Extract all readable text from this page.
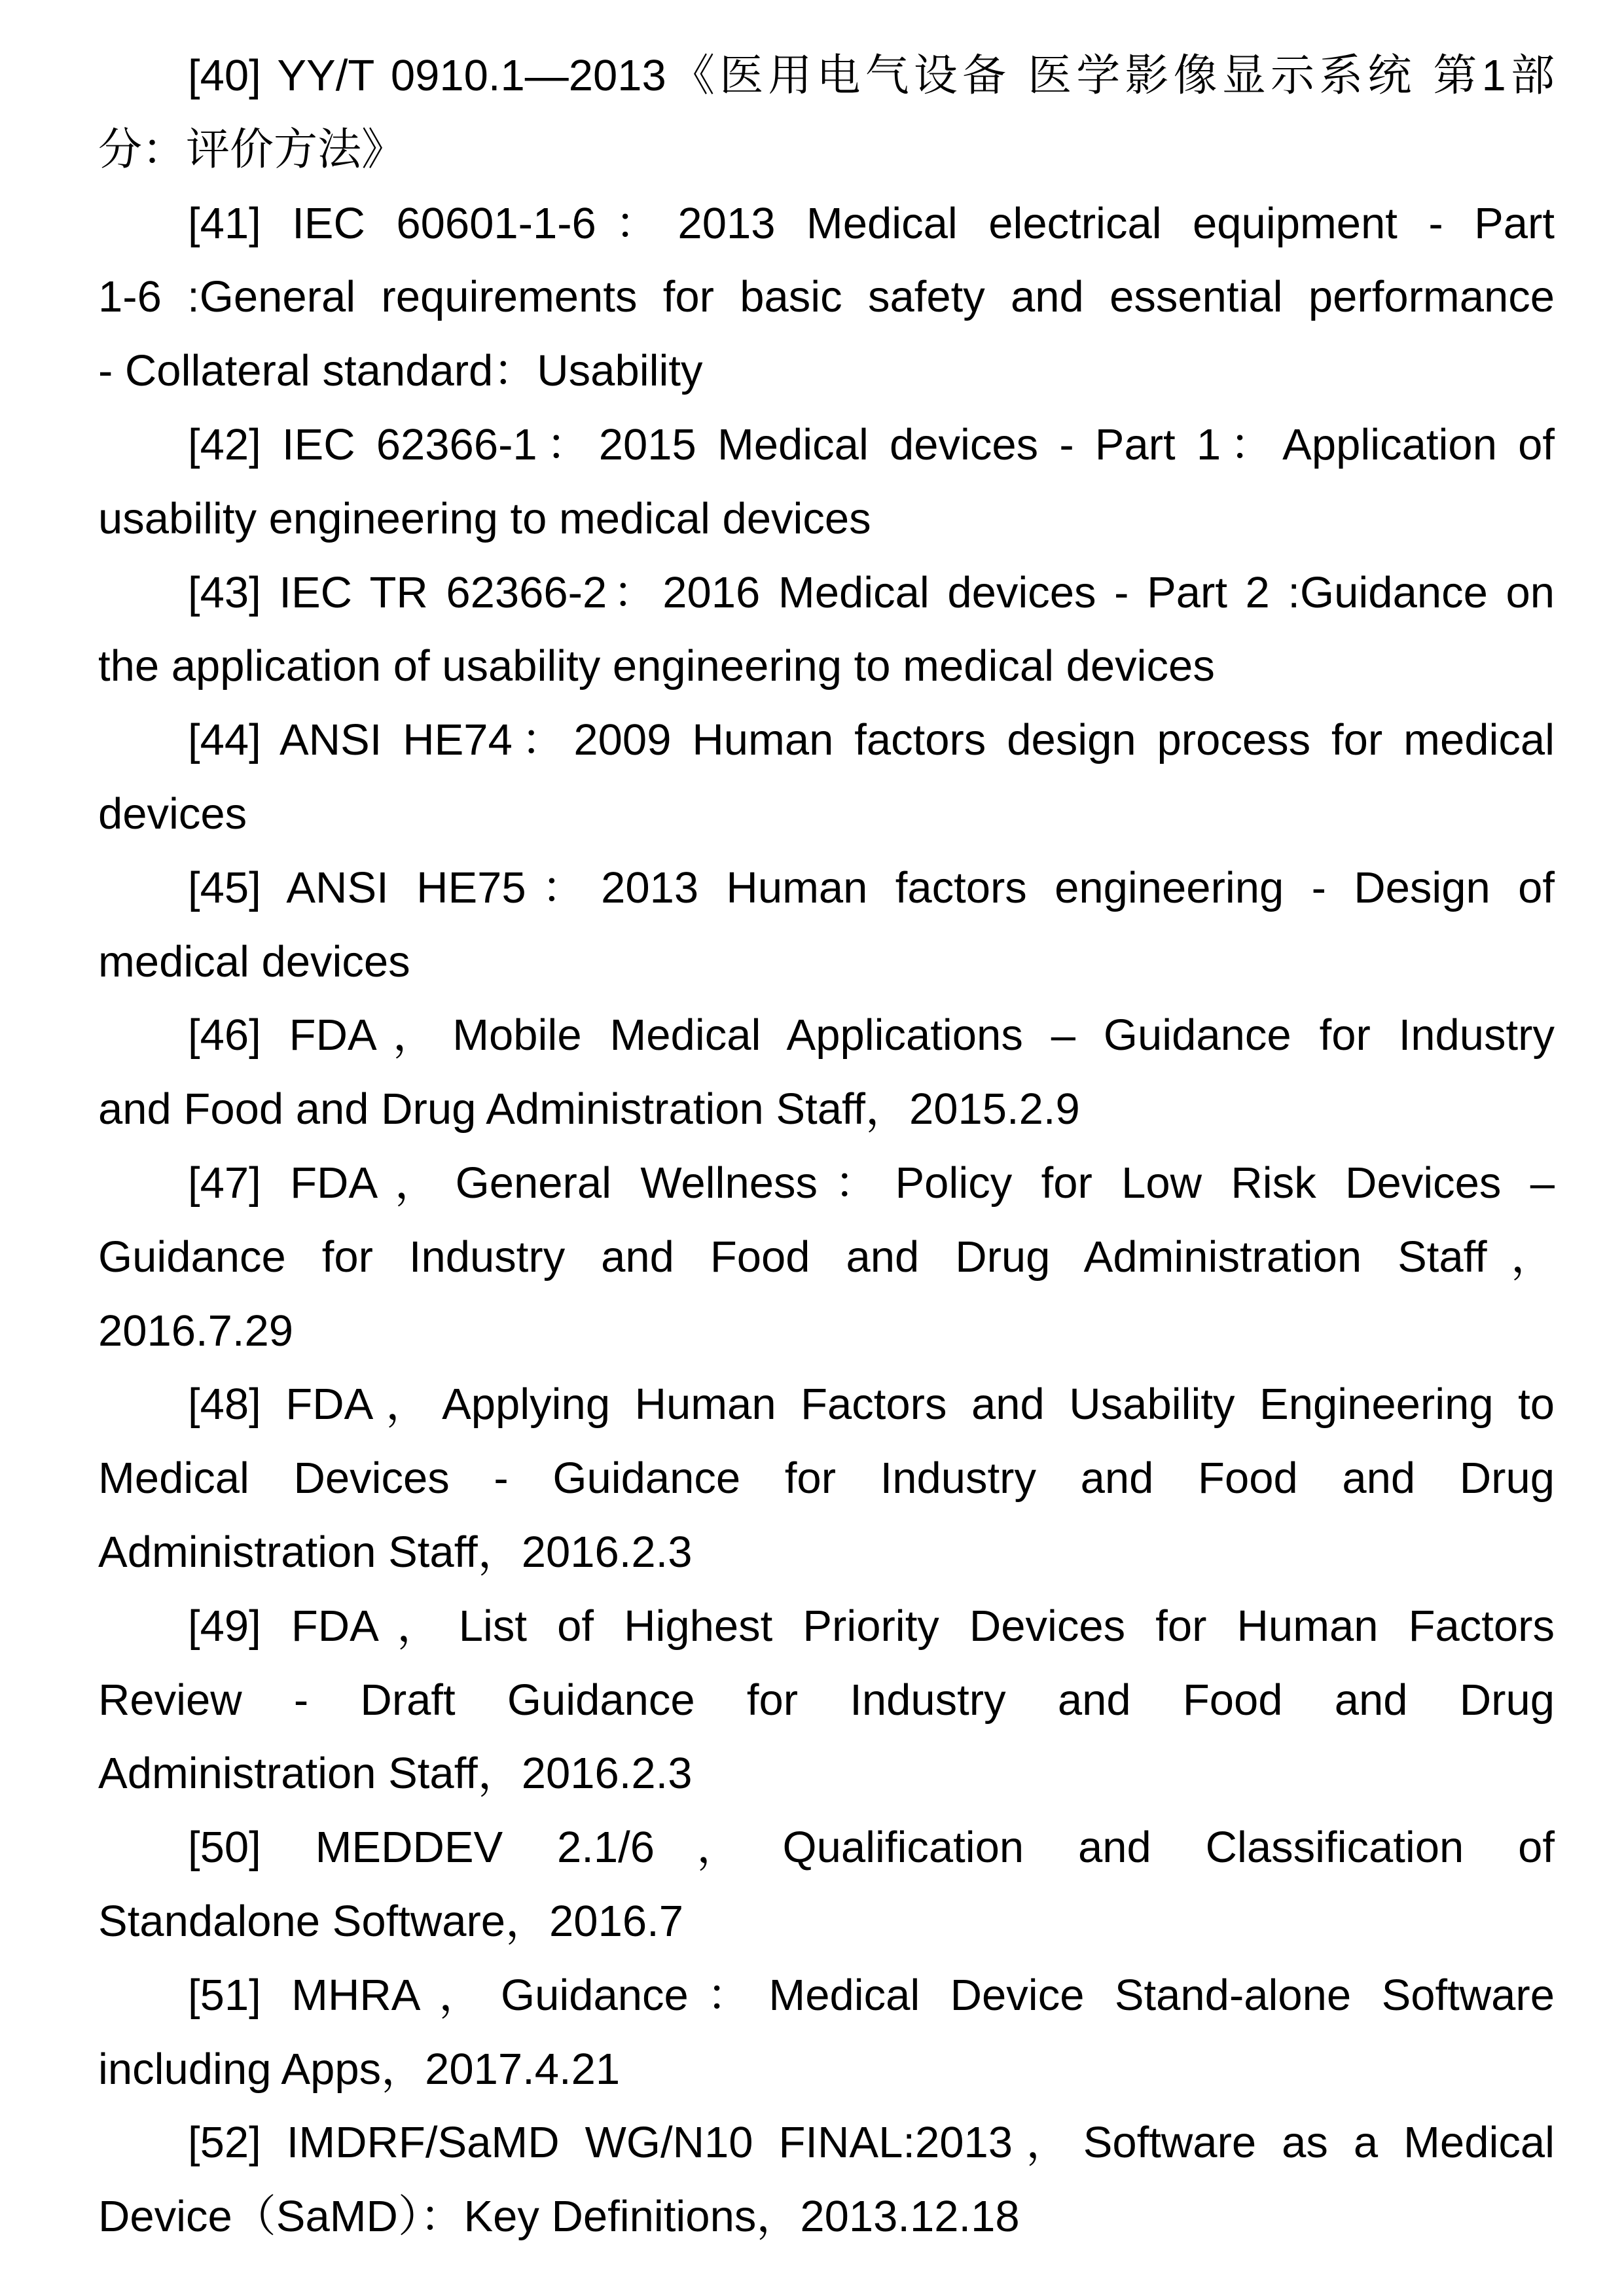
[40] YY/T 0910.1—2013《医用电气设备 医学影像显示系统 第1部
分：评价方法》
[41] IEC 60601-1-6：2013 Medical electrical equipment - Part
1-6 :General requirements for basic safety and essential performance
- Collateral standard：Usability
[42] IEC 62366-1：2015 Medical devices - Part 1：Application of
usability engineering to medical devices
[43] IEC TR 62366-2：2016 Medical devices - Part 2 :Guidance on
the application of usability engineering to medical devices
[44] ANSI HE74：2009 Human factors design process for medical
devices
[45] ANSI HE75：2013 Human factors engineering - Design of
medical devices
[46] FDA，Mobile Medical Applications – Guidance for Industry
and Food and Drug Administration Staff，2015.2.9
[47] FDA，General Wellness：Policy for Low Risk Devices –
Guidance for Industry and Food and Drug Administration Staff，
2016.7.29
[48] FDA，Applying Human Factors and Usability Engineering to
Medical Devices - Guidance for Industry and Food and Drug
Administration Staff，2016.2.3
[49] FDA，List of Highest Priority Devices for Human Factors
Review - Draft Guidance for Industry and Food and Drug
Administration Staff，2016.2.3
[50] MEDDEV 2.1/6，Qualification and Classification of
Standalone Software，2016.7
[51] MHRA，Guidance：Medical Device Stand-alone Software
including Apps，2017.4.21
[52] IMDRF/SaMD WG/N10 FINAL:2013，Software as a Medical
Device（SaMD）：Key Definitions，2013.12.18
